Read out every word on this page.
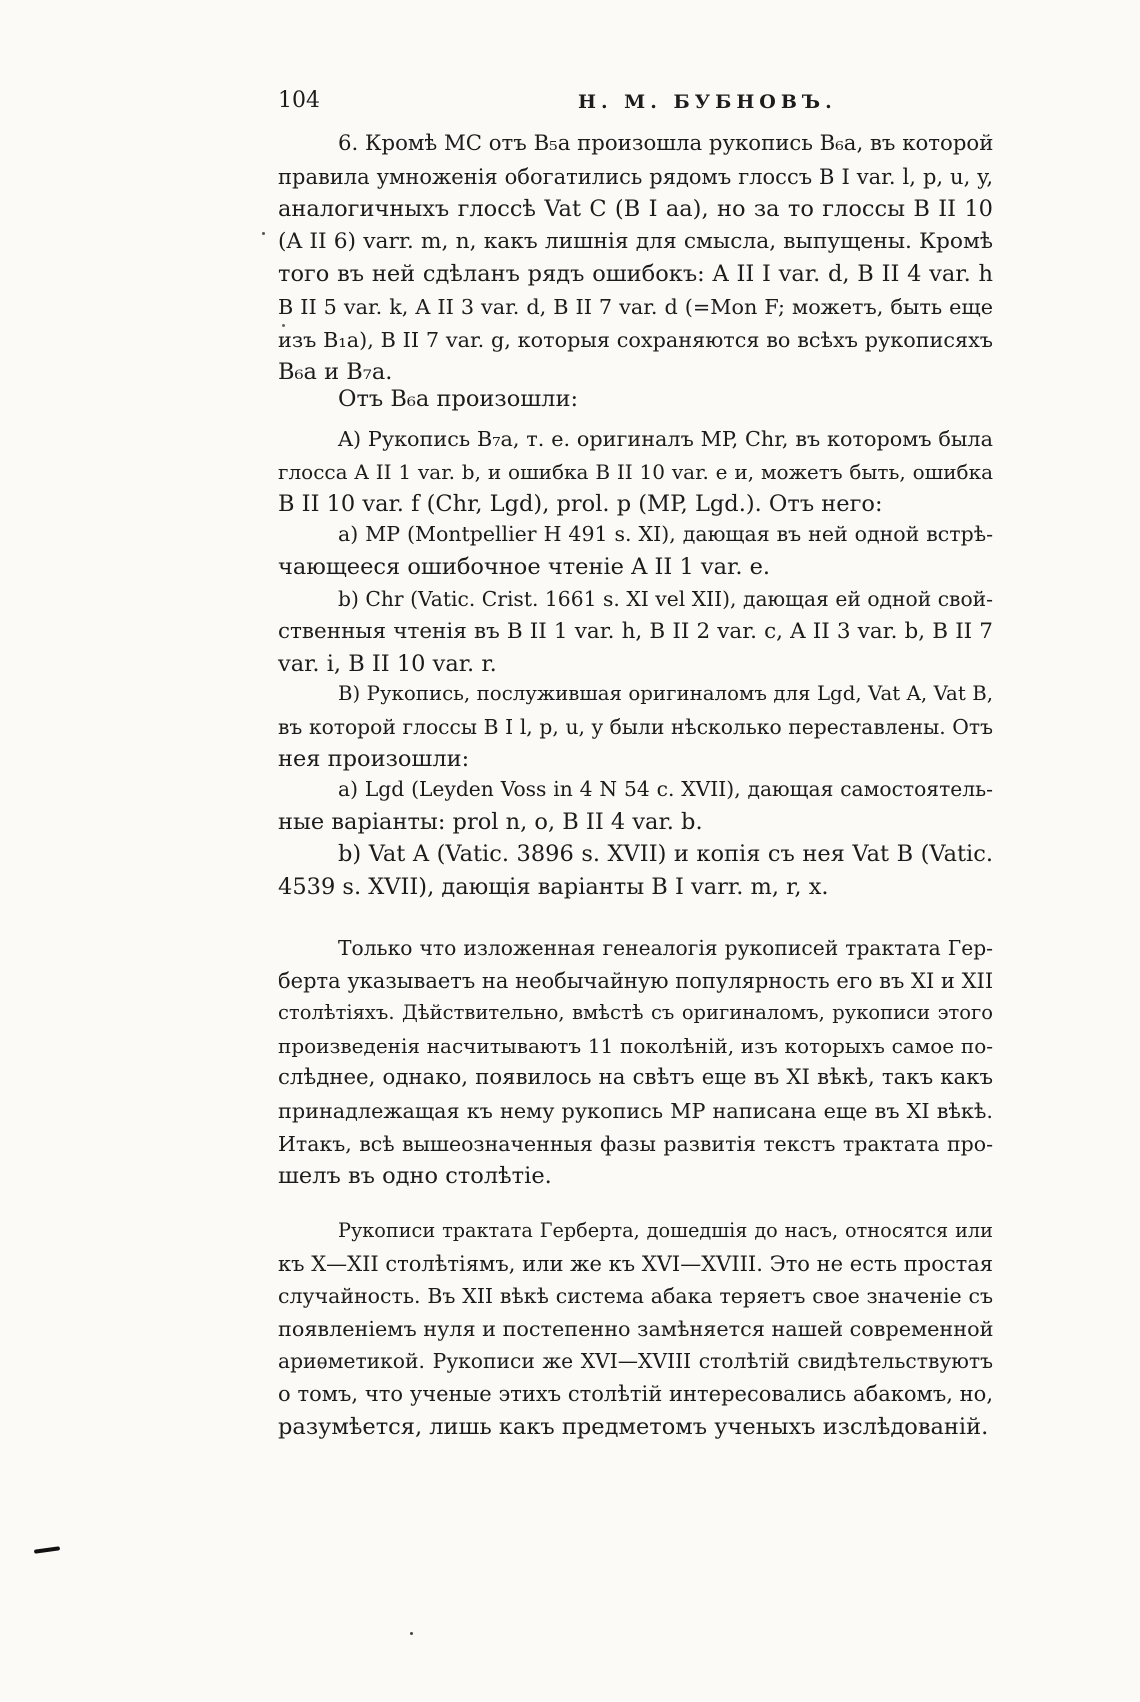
104	Н. М. БУБНОВЪ.
6. Кромѣ MC отъ B₅a произошла рукопись B₆a, въ которой
правила умноженія обогатились рядомъ глоссъ B I var. l, p, u, y,
аналогичныхъ глоссѣ Vat C (B I aa), но за то глоссы B II 10
(A II 6) varr. m, n, какъ лишнія для смысла, выпущены. Кромѣ
того въ ней сдѣланъ рядъ ошибокъ: A II I var. d, B II 4 var. h
B II 5 var. k, A II 3 var. d, B II 7 var. d (=Mon F; можетъ, быть еще
изъ B₁a), B II 7 var. g, которыя сохраняются во всѣхъ рукописяхъ
B₆a и B₇a.
Отъ B₆a произошли:
A) Рукопись B₇a, т. е. оригиналъ MP, Chr, въ которомъ была
глосса A II 1 var. b, и ошибка B II 10 var. e и, можетъ быть, ошибка
B II 10 var. f (Chr, Lgd), prol. p (MP, Lgd.). Отъ него:
a) MP (Montpellier H 491 s. XI), дающая въ ней одной встрѣ-
чающееся ошибочное чтеніе A II 1 var. e.
b) Chr (Vatic. Crist. 1661 s. XI vel XII), дающая ей одной свой-
ственныя чтенія въ B II 1 var. h, B II 2 var. c, A II 3 var. b, B II 7
var. i, B II 10 var. r.
B) Рукопись, послужившая оригиналомъ для Lgd, Vat A, Vat B,
въ которой глоссы B I l, p, u, y были нѣсколько переставлены. Отъ
нея произошли:
a) Lgd (Leyden Voss in 4 N 54 c. XVII), дающая самостоятель-
ные варіанты: prol n, o, B II 4 var. b.
b) Vat A (Vatic. 3896 s. XVII) и копія съ нея Vat B (Vatic.
4539 s. XVII), дающія варіанты B I varr. m, r, x.
Только что изложенная генеалогія рукописей трактата Гер-
берта указываетъ на необычайную популярность его въ XI и XII
столѣтіяхъ. Дѣйствительно, вмѣстѣ съ оригиналомъ, рукописи этого
произведенія насчитываютъ 11 поколѣній, изъ которыхъ самое по-
слѣднее, однако, появилось на свѣтъ еще въ XI вѣкѣ, такъ какъ
принадлежащая къ нему рукопись MP написана еще въ XI вѣкѣ.
Итакъ, всѣ вышеозначенныя фазы развитія текстъ трактата про-
шелъ въ одно столѣтіе.
Рукописи трактата Герберта, дошедшія до насъ, относятся или
къ X—XII столѣтіямъ, или же къ XVI—XVIII. Это не есть простая
случайность. Въ XII вѣкѣ система абака теряетъ свое значеніе съ
появленіемъ нуля и постепенно замѣняется нашей современной
ариѳметикой. Рукописи же XVI—XVIII столѣтій свидѣтельствуютъ
о томъ, что ученые этихъ столѣтій интересовались абакомъ, но,
разумѣется, лишь какъ предметомъ ученыхъ изслѣдованій.
